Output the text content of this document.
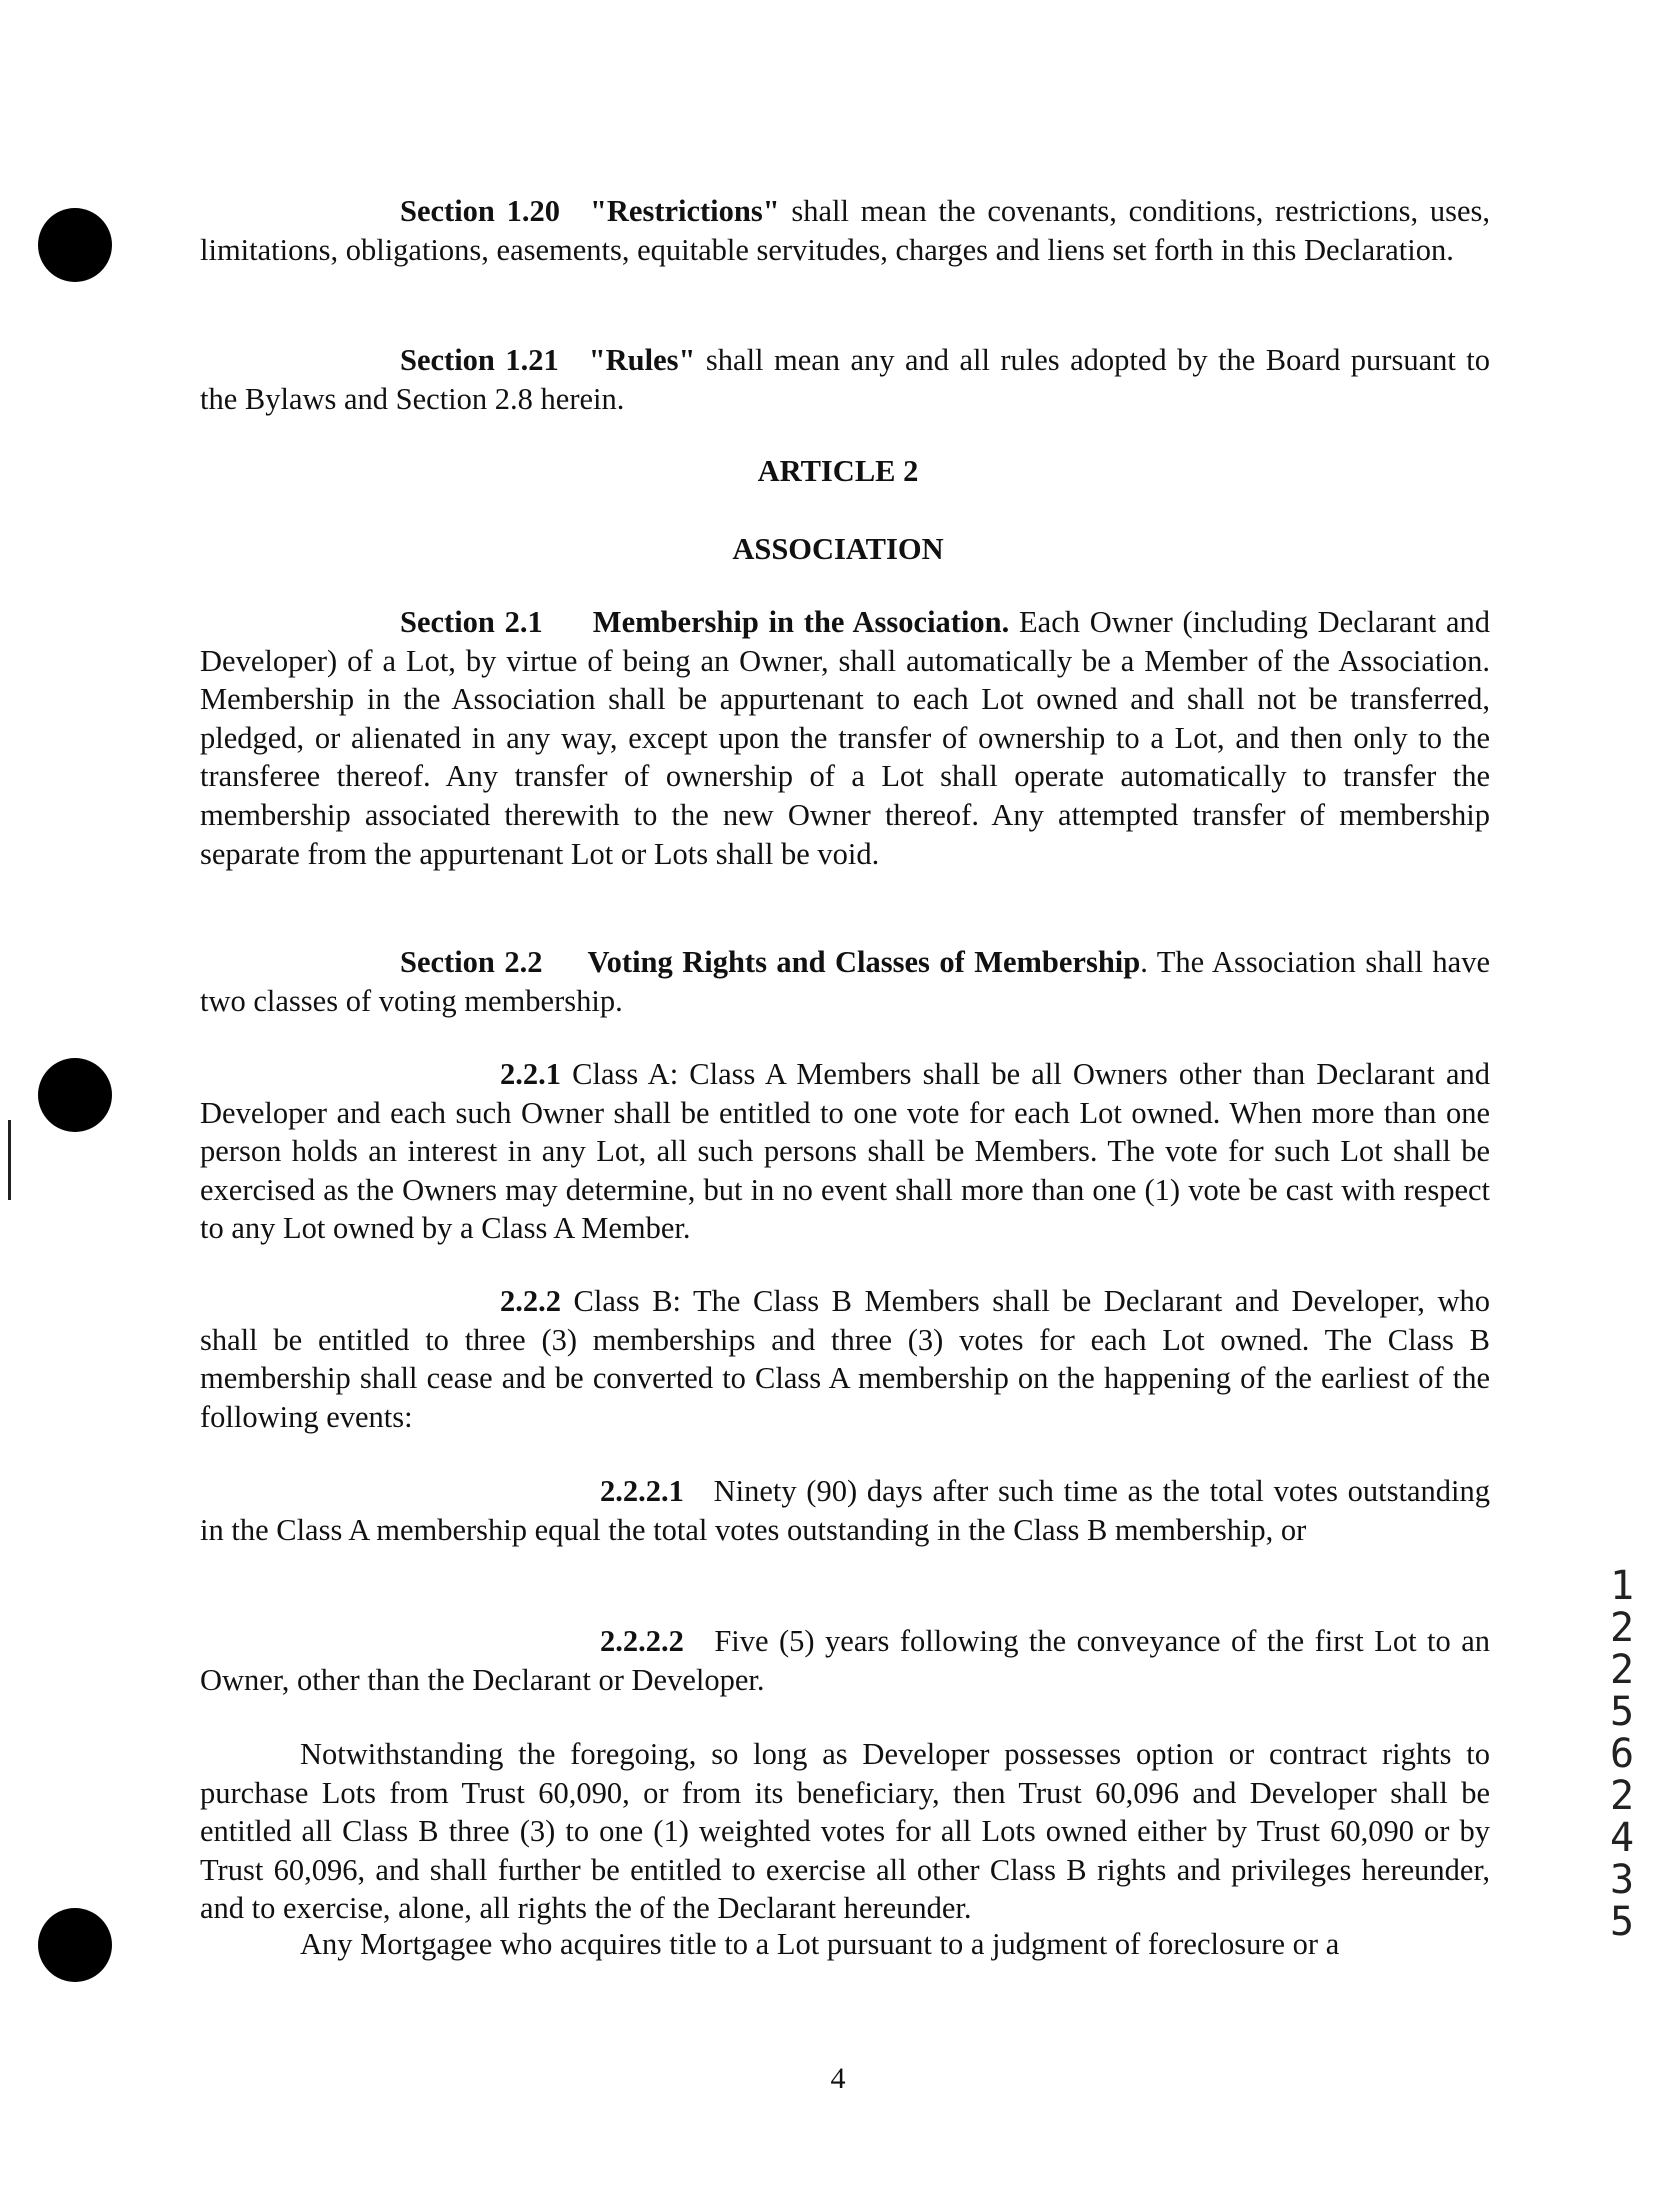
Section 1.20 "Restrictions" shall mean the covenants, conditions, restrictions, uses, limitations, obligations, easements, equitable servitudes, charges and liens set forth in this Declaration.

Section 1.21 "Rules" shall mean any and all rules adopted by the Board pursuant to the Bylaws and Section 2.8 herein.

ARTICLE 2

ASSOCIATION

Section 2.1 Membership in the Association. Each Owner (including Declarant and Developer) of a Lot, by virtue of being an Owner, shall automatically be a Member of the Association. Membership in the Association shall be appurtenant to each Lot owned and shall not be transferred, pledged, or alienated in any way, except upon the transfer of ownership to a Lot, and then only to the transferee thereof. Any transfer of ownership of a Lot shall operate automatically to transfer the membership associated therewith to the new Owner thereof. Any attempted transfer of membership separate from the appurtenant Lot or Lots shall be void.

Section 2.2 Voting Rights and Classes of Membership. The Association shall have two classes of voting membership.

2.2.1 Class A: Class A Members shall be all Owners other than Declarant and Developer and each such Owner shall be entitled to one vote for each Lot owned. When more than one person holds an interest in any Lot, all such persons shall be Members. The vote for such Lot shall be exercised as the Owners may determine, but in no event shall more than one (1) vote be cast with respect to any Lot owned by a Class A Member.

2.2.2 Class B: The Class B Members shall be Declarant and Developer, who shall be entitled to three (3) memberships and three (3) votes for each Lot owned. The Class B membership shall cease and be converted to Class A membership on the happening of the earliest of the following events:

2.2.2.1 Ninety (90) days after such time as the total votes outstanding in the Class A membership equal the total votes outstanding in the Class B membership, or

2.2.2.2 Five (5) years following the conveyance of the first Lot to an Owner, other than the Declarant or Developer.

Notwithstanding the foregoing, so long as Developer possesses option or contract rights to purchase Lots from Trust 60,090, or from its beneficiary, then Trust 60,096 and Developer shall be entitled all Class B three (3) to one (1) weighted votes for all Lots owned either by Trust 60,090 or by Trust 60,096, and shall further be entitled to exercise all other Class B rights and privileges hereunder, and to exercise, alone, all rights the of the Declarant hereunder.

Any Mortgagee who acquires title to a Lot pursuant to a judgment of foreclosure or a

1
2
2
5
6
2
4
3
5
4
